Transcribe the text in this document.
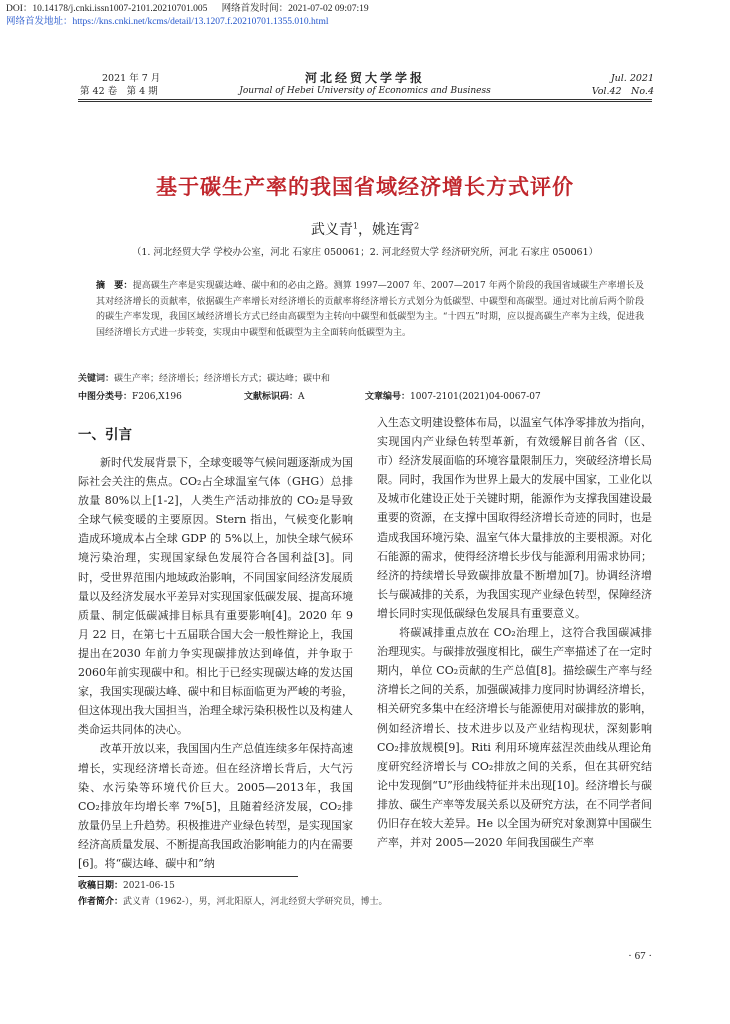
DOI：10.14178/j.cnki.issn1007-2101.20210701.005 网络首发时间：2021-07-02 09:07:19
网络首发地址：https://kns.cnki.net/kcms/detail/13.1207.f.20210701.1355.010.html
2021 年 7 月
第 42 卷　第 4 期
河北经贸大学学报
Journal of Hebei University of Economics and Business
Jul. 2021
Vol.42　No.4
基于碳生产率的我国省域经济增长方式评价
武义青$^1$，姚连霄$^2$
（1. 河北经贸大学 学校办公室，河北 石家庄 050061；2. 河北经贸大学 经济研究所，河北 石家庄 050061）
摘　要：提高碳生产率是实现碳达峰、碳中和的必由之路。测算 1997—2007 年、2007—2017 年两个阶段的我国省域碳生产率增长及其对经济增长的贡献率，依据碳生产率增长对经济增长的贡献率将经济增长方式划分为低碳型、中碳型和高碳型。通过对比前后两个阶段的碳生产率发现，我国区域经济增长方式已经由高碳型为主转向中碳型和低碳型为主。“十四五”时期，应以提高碳生产率为主线，促进我国经济增长方式进一步转变，实现由中碳型和低碳型为主全面转向低碳型为主。
关键词：碳生产率；经济增长；经济增长方式；碳达峰；碳中和
中图分类号：F206,X196	文献标识码：A	文章编号：1007-2101(2021)04-0067-07
一、引言

新时代发展背景下，全球变暖等气候问题逐渐成为国际社会关注的焦点。CO₂占全球温室气体（GHG）总排放量 80%以上[1-2]，人类生产活动排放的 CO₂是导致全球气候变暖的主要原因。Stern 指出，气候变化影响造成环境成本占全球 GDP 的 5%以上，加快全球气候环境污染治理，实现国家绿色发展符合各国利益[3]。同时，受世界范围内地域政治影响，不同国家间经济发展质量以及经济发展水平差异对实现国家低碳发展、提高环境质量、制定低碳减排目标具有重要影响[4]。2020 年 9 月 22 日，在第七十五届联合国大会一般性辩论上，我国提出在2030 年前力争实现碳排放达到峰值，并争取于 2060年前实现碳中和。相比于已经实现碳达峰的发达国家，我国实现碳达峰、碳中和目标面临更为严峻的考验，但这体现出我大国担当，治理全球污染积极性以及构建人类命运共同体的决心。

改革开放以来，我国国内生产总值连续多年保持高速增长，实现经济增长奇迹。但在经济增长背后，大气污染、水污染等环境代价巨大。2005—2013年，我国 CO₂排放年均增长率 7%[5]，且随着经济发展，CO₂排放量仍呈上升趋势。积极推进产业绿色转型，是实现国家经济高质量发展、不断提高我国政治影响能力的内在需要[6]。将“碳达峰、碳中和”纳

入生态文明建设整体布局，以温室气体净零排放为指向，实现国内产业绿色转型革新，有效缓解目前各省（区、市）经济发展面临的环境容量限制压力，突破经济增长局限。同时，我国作为世界上最大的发展中国家，工业化以及城市化建设正处于关键时期，能源作为支撑我国建设最重要的资源，在支撑中国取得经济增长奇迹的同时，也是造成我国环境污染、温室气体大量排放的主要根源。对化石能源的需求，使得经济增长步伐与能源利用需求协同；经济的持续增长导致碳排放量不断增加[7]。协调经济增长与碳减排的关系，为我国实现产业绿色转型，保障经济增长同时实现低碳绿色发展具有重要意义。

将碳减排重点放在 CO₂治理上，这符合我国碳减排治理现实。与碳排放强度相比，碳生产率描述了在一定时期内，单位 CO₂贡献的生产总值[8]。描绘碳生产率与经济增长之间的关系，加强碳减排力度同时协调经济增长，相关研究多集中在经济增长与能源使用对碳排放的影响，例如经济增长、技术进步以及产业结构现状，深刻影响 CO₂排放规模[9]。Riti 利用环境库兹涅茨曲线从理论角度研究经济增长与 CO₂排放之间的关系，但在其研究结论中发现倒“U”形曲线特征并未出现[10]。经济增长与碳排放、碳生产率等发展关系以及研究方法，在不同学者间仍旧存在较大差异。He 以全国为研究对象测算中国碳生产率，并对 2005—2020 年间我国碳生产率

收稿日期：2021-06-15
作者简介：武义青（1962-），男，河北阳原人，河北经贸大学研究员，博士。
· 67 ·
